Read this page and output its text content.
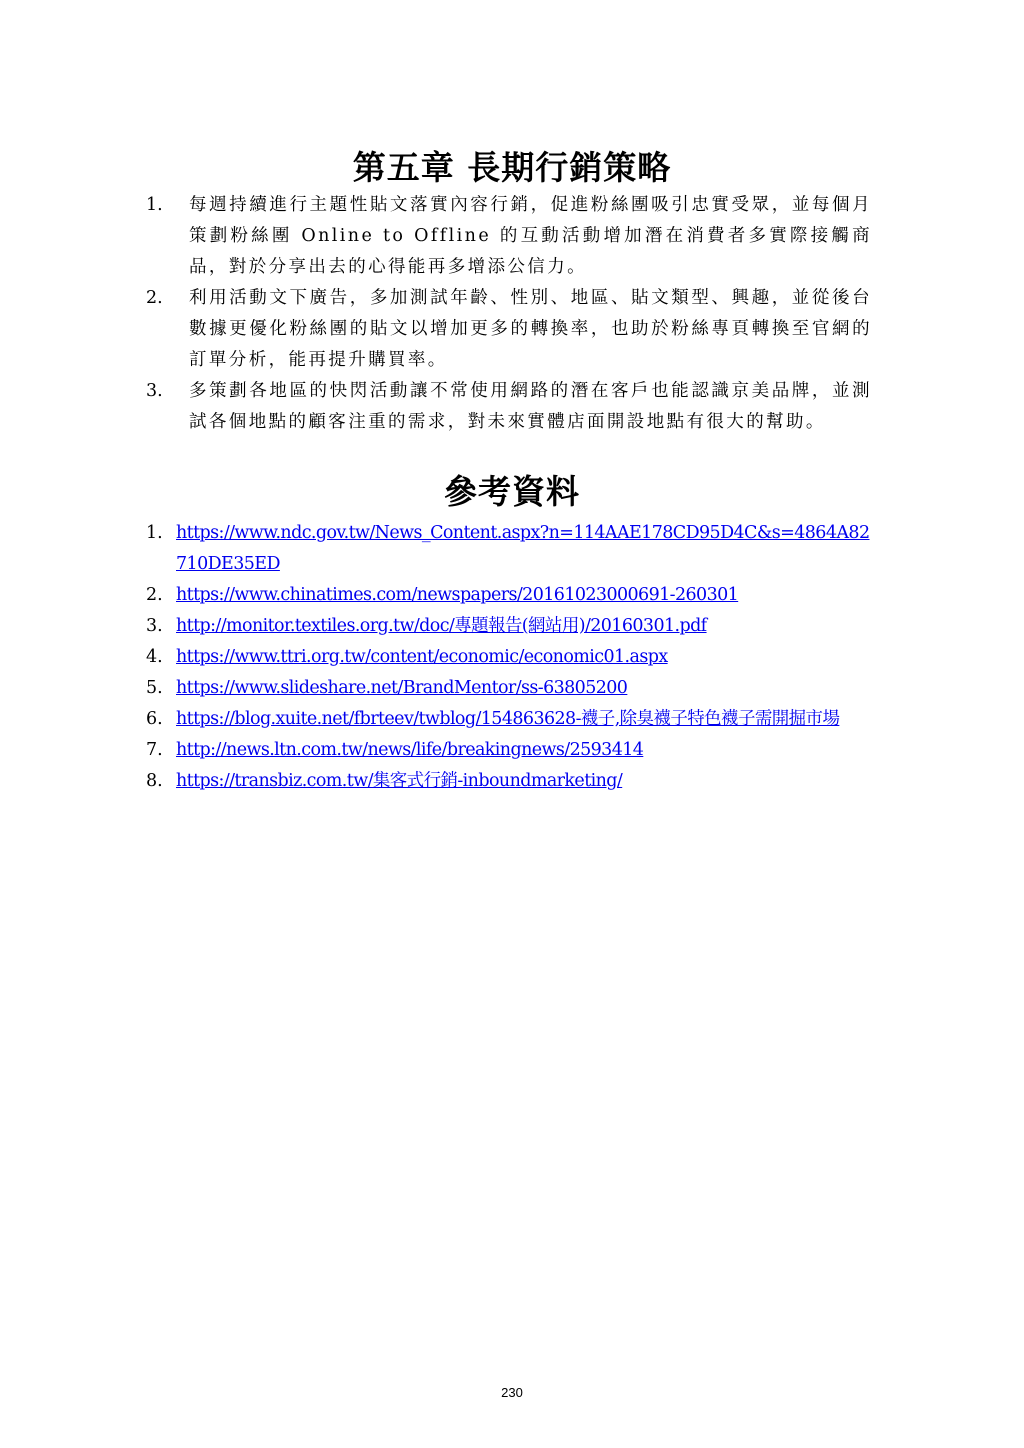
第五章 長期行銷策略
1. 每週持續進行主題性貼文落實內容行銷，促進粉絲團吸引忠實受眾，並每個月策劃粉絲團 Online to Offline 的互動活動增加潛在消費者多實際接觸商品，對於分享出去的心得能再多增添公信力。
2. 利用活動文下廣告，多加測試年齡、性別、地區、貼文類型、興趣，並從後台數據更優化粉絲團的貼文以增加更多的轉換率，也助於粉絲專頁轉換至官網的訂單分析，能再提升購買率。
3. 多策劃各地區的快閃活動讓不常使用網路的潛在客戶也能認識京美品牌，並測試各個地點的顧客注重的需求，對未來實體店面開設地點有很大的幫助。
參考資料
1. https://www.ndc.gov.tw/News_Content.aspx?n=114AAE178CD95D4C&s=4864A82710DE35ED
2. https://www.chinatimes.com/newspapers/20161023000691-260301
3. http://monitor.textiles.org.tw/doc/專題報告(網站用)/20160301.pdf
4. https://www.ttri.org.tw/content/economic/economic01.aspx
5. https://www.slideshare.net/BrandMentor/ss-63805200
6. https://blog.xuite.net/fbrteev/twblog/154863628-襪子,除臭襪子特色襪子需開掘市場
7. http://news.ltn.com.tw/news/life/breakingnews/2593414
8. https://transbiz.com.tw/集客式行銷-inboundmarketing/
230
